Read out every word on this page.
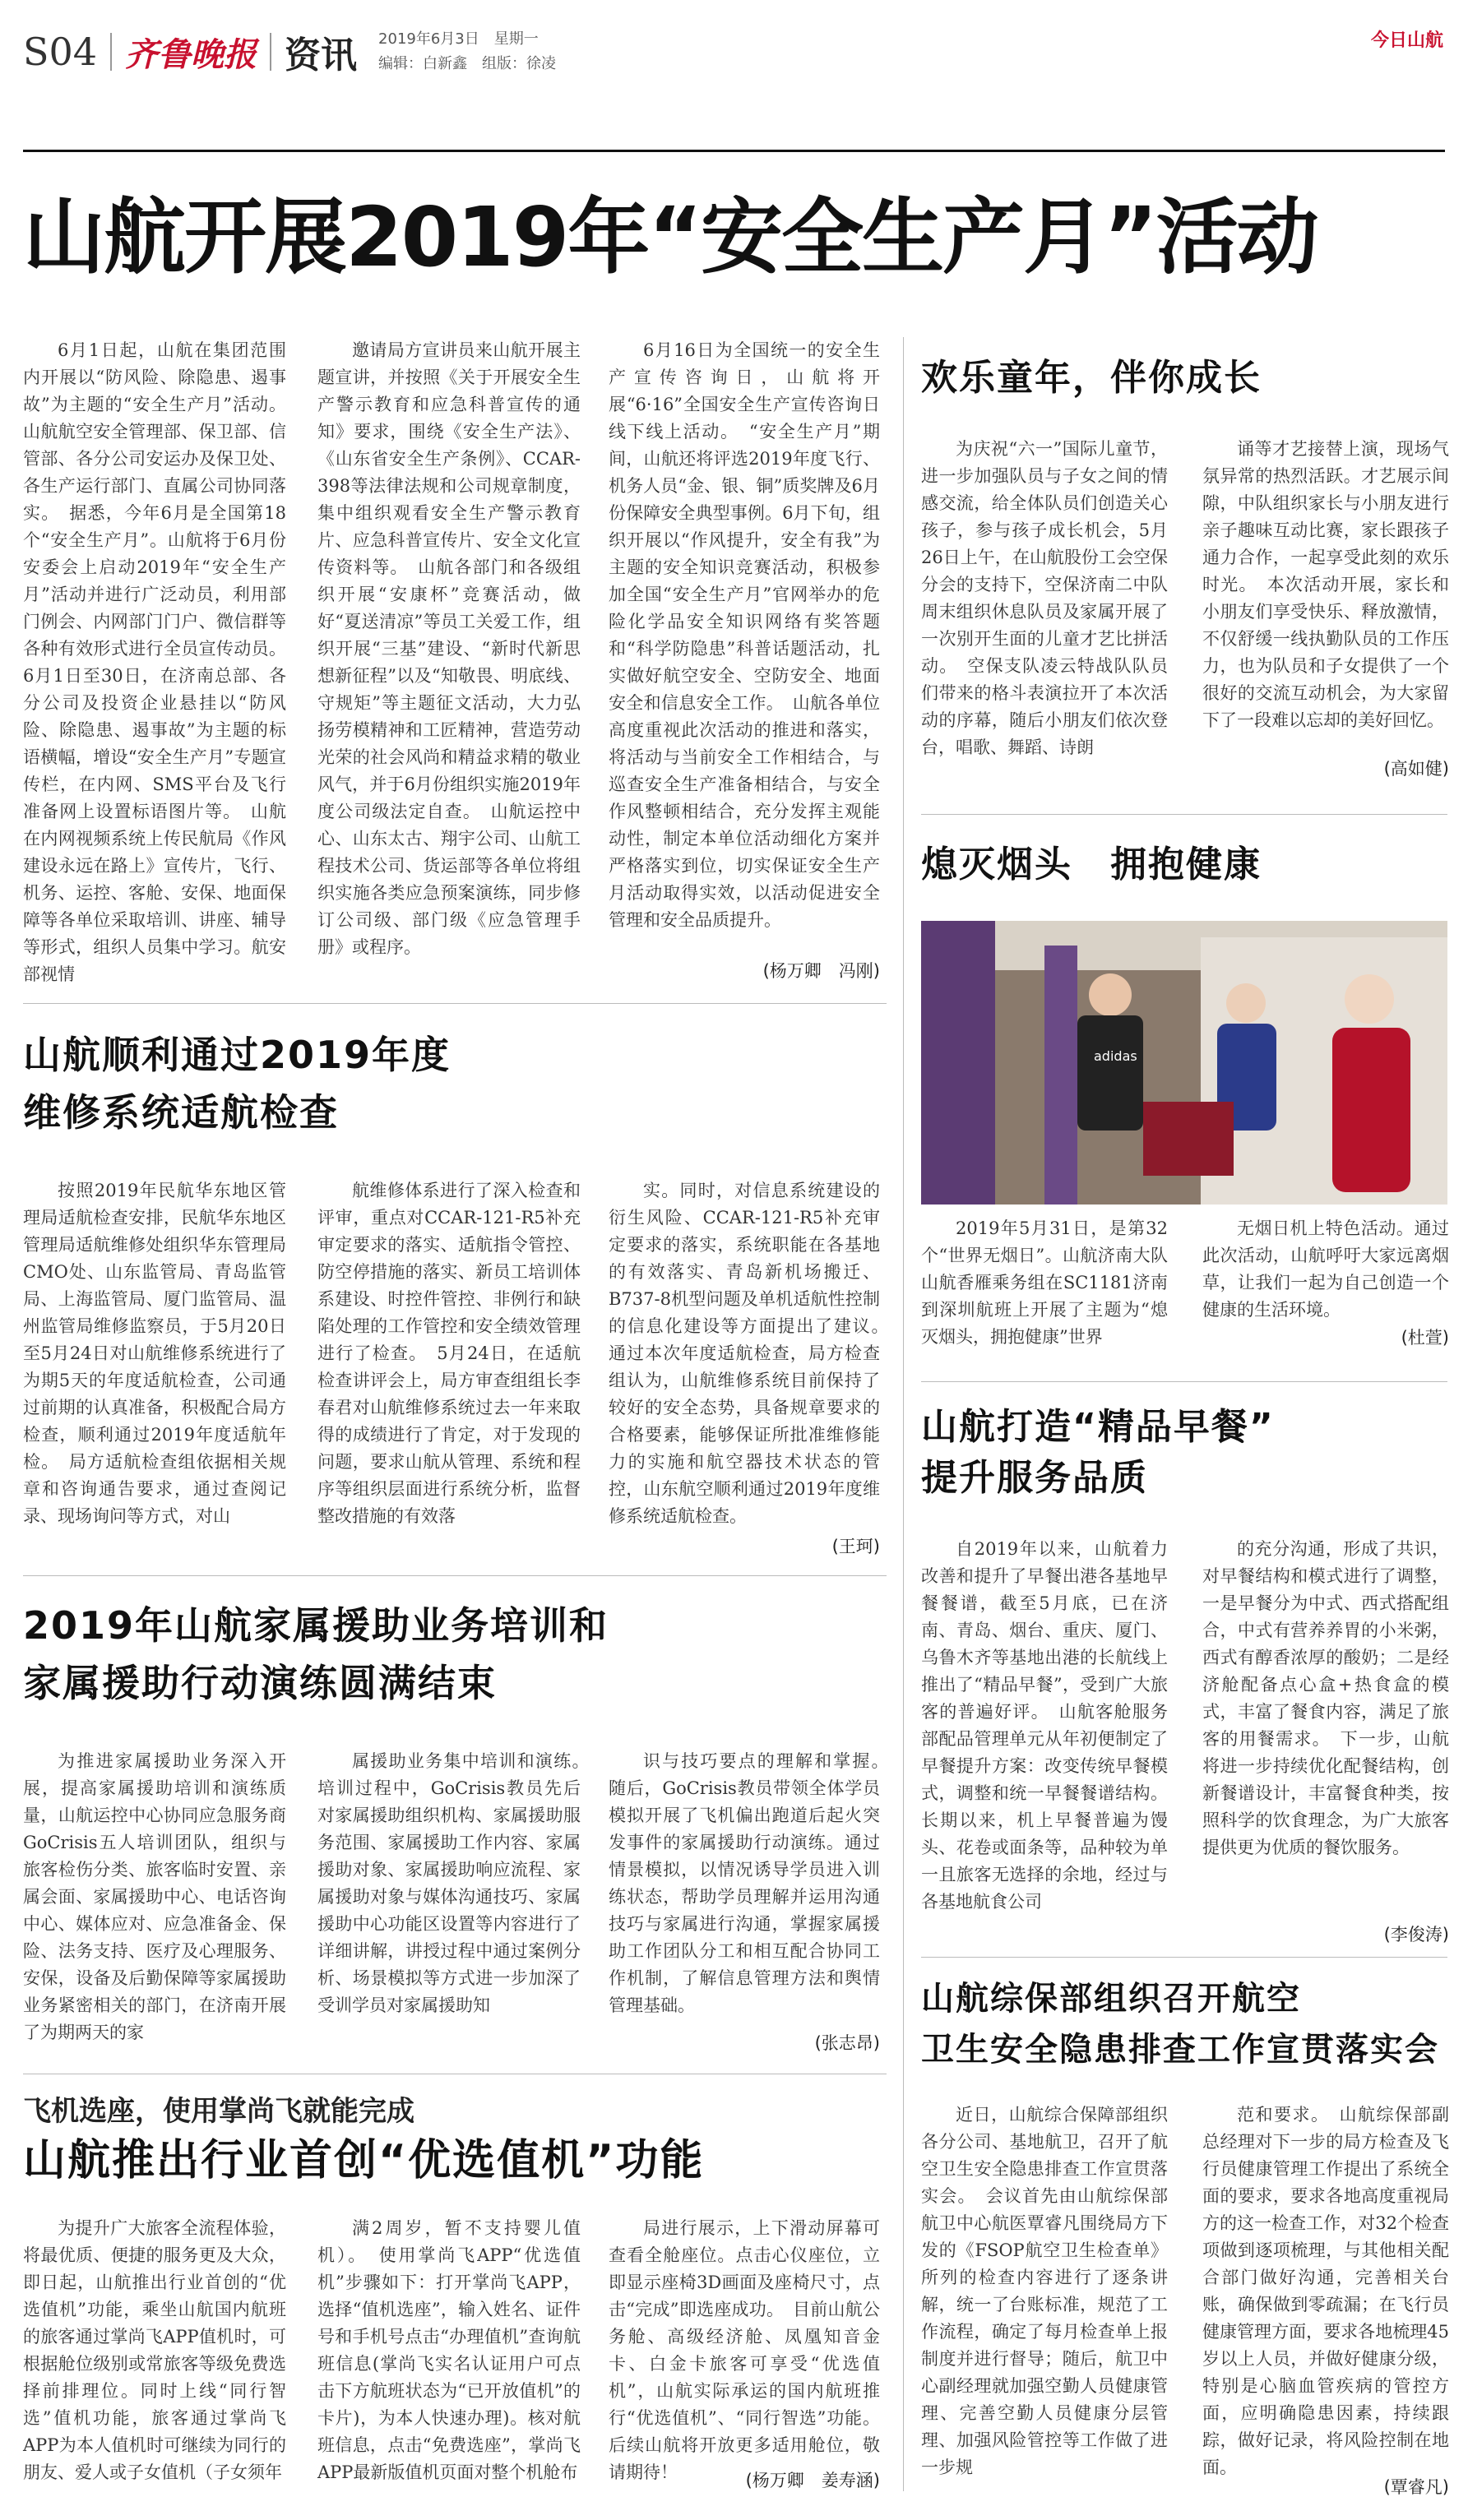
S04 齐鲁晚报 资讯 2019年6月3日　星期一
编辑：白新鑫　组版：徐凌
今日山航
山航开展2019年“安全生产月”活动

6月1日起，山航在集团范围内开展以“防风险、除隐患、遏事故”为主题的“安全生产月”活动。山航航空安全管理部、保卫部、信管部、各分公司安运办及保卫处、各生产运行部门、直属公司协同落实。　据悉，今年6月是全国第18个“安全生产月”。山航将于6月份安委会上启动2019年“安全生产月”活动并进行广泛动员，利用部门例会、内网部门门户、微信群等各种有效形式进行全员宣传动员。6月1日至30日，在济南总部、各分公司及投资企业悬挂以“防风险、除隐患、遏事故”为主题的标语横幅，增设“安全生产月”专题宣传栏，在内网、SMS平台及飞行准备网上设置标语图片等。　山航在内网视频系统上传民航局《作风建设永远在路上》宣传片，飞行、机务、运控、客舱、安保、地面保障等各单位采取培训、讲座、辅导等形式，组织人员集中学习。航安部视情

邀请局方宣讲员来山航开展主题宣讲，并按照《关于开展安全生产警示教育和应急科普宣传的通知》要求，围绕《安全生产法》、《山东省安全生产条例》、CCAR-398等法律法规和公司规章制度，集中组织观看安全生产警示教育片、应急科普宣传片、安全文化宣传资料等。　山航各部门和各级组织开展“安康杯”竞赛活动，做好“夏送清凉”等员工关爱工作，组织开展“三基”建设、“新时代新思想新征程”以及“知敬畏、明底线、守规矩”等主题征文活动，大力弘扬劳模精神和工匠精神，营造劳动光荣的社会风尚和精益求精的敬业风气，并于6月份组织实施2019年度公司级法定自查。　山航运控中心、山东太古、翔宇公司、山航工程技术公司、货运部等各单位将组织实施各类应急预案演练，同步修订公司级、部门级《应急管理手册》或程序。

6月16日为全国统一的安全生产宣传咨询日，山航将开展“6·16”全国安全生产宣传咨询日线下线上活动。　“安全生产月”期间，山航还将评选2019年度飞行、机务人员“金、银、铜”质奖牌及6月份保障安全典型事例。6月下旬，组织开展以“作风提升，安全有我”为主题的安全知识竞赛活动，积极参加全国“安全生产月”官网举办的危险化学品安全知识网络有奖答题和“科学防隐患”科普话题活动，扎实做好航空安全、空防安全、地面安全和信息安全工作。　山航各单位高度重视此次活动的推进和落实，将活动与当前安全工作相结合，与巡查安全生产准备相结合，与安全作风整顿相结合，充分发挥主观能动性，制定本单位活动细化方案并严格落实到位，切实保证安全生产月活动取得实效，以活动促进安全管理和安全品质提升。

(杨万卿　冯刚)
山航顺利通过2019年度
维修系统适航检查

按照2019年民航华东地区管理局适航检查安排，民航华东地区管理局适航维修处组织华东管理局CMO处、山东监管局、青岛监管局、上海监管局、厦门监管局、温州监管局维修监察员，于5月20日至5月24日对山航维修系统进行了为期5天的年度适航检查，公司通过前期的认真准备，积极配合局方检查，顺利通过2019年度适航年检。　局方适航检查组依据相关规章和咨询通告要求，通过查阅记录、现场询问等方式，对山

航维修体系进行了深入检查和评审，重点对CCAR-121-R5补充审定要求的落实、适航指令管控、防空停措施的落实、新员工培训体系建设、时控件管控、非例行和缺陷处理的工作管控和安全绩效管理进行了检查。　5月24日，在适航检查讲评会上，局方审查组组长李春君对山航维修系统过去一年来取得的成绩进行了肯定，对于发现的问题，要求山航从管理、系统和程序等组织层面进行系统分析，监督整改措施的有效落

实。同时，对信息系统建设的衍生风险、CCAR-121-R5补充审定要求的落实，系统职能在各基地的有效落实、青岛新机场搬迁、B737-8机型问题及单机适航性控制的信息化建设等方面提出了建议。　通过本次年度适航检查，局方检查组认为，山航维修系统目前保持了较好的安全态势，具备规章要求的合格要素，能够保证所批准维修能力的实施和航空器技术状态的管控，山东航空顺利通过2019年度维修系统适航检查。

(王珂)
2019年山航家属援助业务培训和
家属援助行动演练圆满结束

为推进家属援助业务深入开展，提高家属援助培训和演练质量，山航运控中心协同应急服务商GoCrisis五人培训团队，组织与旅客检伤分类、旅客临时安置、亲属会面、家属援助中心、电话咨询中心、媒体应对、应急准备金、保险、法务支持、医疗及心理服务、安保，设备及后勤保障等家属援助业务紧密相关的部门，在济南开展了为期两天的家

属援助业务集中培训和演练。　培训过程中，GoCrisis教员先后对家属援助组织机构、家属援助服务范围、家属援助工作内容、家属援助对象、家属援助响应流程、家属援助对象与媒体沟通技巧、家属援助中心功能区设置等内容进行了详细讲解，讲授过程中通过案例分析、场景模拟等方式进一步加深了受训学员对家属援助知

识与技巧要点的理解和掌握。　随后，GoCrisis教员带领全体学员模拟开展了飞机偏出跑道后起火突发事件的家属援助行动演练。通过情景模拟，以情况诱导学员进入训练状态，帮助学员理解并运用沟通技巧与家属进行沟通，掌握家属援助工作团队分工和相互配合协同工作机制，了解信息管理方法和舆情管理基础。

(张志昂)
飞机选座，使用掌尚飞就能完成
山航推出行业首创“优选值机”功能

为提升广大旅客全流程体验，将最优质、便捷的服务更及大众，即日起，山航推出行业首创的“优选值机”功能，乘坐山航国内航班的旅客通过掌尚飞APP值机时，可根据舱位级别或常旅客等级免费选择前排理位。同时上线“同行智选”值机功能，旅客通过掌尚飞APP为本人值机时可继续为同行的朋友、爱人或子女值机（子女须年

满2周岁，暂不支持婴儿值机）。　使用掌尚飞APP“优选值机”步骤如下：打开掌尚飞APP，选择“值机选座”，输入姓名、证件号和手机号点击“办理值机”查询航班信息(掌尚飞实名认证用户可点击下方航班状态为“已开放值机”的卡片)，为本人快速办理)。核对航班信息，点击“免费选座”，掌尚飞APP最新版值机页面对整个机舱布

局进行展示，上下滑动屏幕可查看全舱座位。点击心仪座位，立即显示座椅3D画面及座椅尺寸，点击“完成”即选座成功。　目前山航公务舱、高级经济舱、凤凰知音金卡、白金卡旅客可享受“优选值机”，山航实际承运的国内航班推行“优选值机”、“同行智选”功能。后续山航将开放更多适用舱位，敬请期待！	(杨万卿　姜寿涵)
欢乐童年，伴你成长

为庆祝“六一”国际儿童节，进一步加强队员与子女之间的情感交流，给全体队员们创造关心孩子，参与孩子成长机会，5月26日上午，在山航股份工会空保分会的支持下，空保济南二中队周末组织休息队员及家属开展了一次别开生面的儿童才艺比拼活动。　空保支队凌云特战队队员们带来的格斗表演拉开了本次活动的序幕，随后小朋友们依次登台，唱歌、舞蹈、诗朗

诵等才艺接替上演，现场气氛异常的热烈活跃。才艺展示间隙，中队组织家长与小朋友进行亲子趣味互动比赛，家长跟孩子通力合作，一起享受此刻的欢乐时光。　本次活动开展，家长和小朋友们享受快乐、释放激情，不仅舒缓一线执勤队员的工作压力，也为队员和子女提供了一个很好的交流互动机会，为大家留下了一段难以忘却的美好回忆。

(高如健)
熄灭烟头　拥抱健康
adidas

2019年5月31日，是第32个“世界无烟日”。山航济南大队山航香雁乘务组在SC1181济南到深圳航班上开展了主题为“熄灭烟头，拥抱健康”世界

无烟日机上特色活动。通过此次活动，山航呼吁大家远离烟草，让我们一起为自己创造一个健康的生活环境。

(杜萱)
山航打造“精品早餐”
提升服务品质

自2019年以来，山航着力改善和提升了早餐出港各基地早餐餐谱，截至5月底，已在济南、青岛、烟台、重庆、厦门、乌鲁木齐等基地出港的长航线上推出了“精品早餐”，受到广大旅客的普遍好评。　山航客舱服务部配品管理单元从年初便制定了早餐提升方案：改变传统早餐模式，调整和统一早餐餐谱结构。长期以来，机上早餐普遍为馒头、花卷或面条等，品种较为单一且旅客无选择的余地，经过与各基地航食公司

的充分沟通，形成了共识，对早餐结构和模式进行了调整，一是早餐分为中式、西式搭配组合，中式有营养养胃的小米粥，西式有醇香浓厚的酸奶；二是经济舱配备点心盒+热食盒的模式，丰富了餐食内容，满足了旅客的用餐需求。　下一步，山航将进一步持续优化配餐结构，创新餐谱设计，丰富餐食种类，按照科学的饮食理念，为广大旅客提供更为优质的餐饮服务。

(李俊涛)
山航综保部组织召开航空
卫生安全隐患排查工作宣贯落实会

近日，山航综合保障部组织各分公司、基地航卫，召开了航空卫生安全隐患排查工作宣贯落实会。　会议首先由山航综保部航卫中心航医覃睿凡围绕局方下发的《FSOP航空卫生检查单》所列的检查内容进行了逐条讲解，统一了台账标准，规范了工作流程，确定了每月检查单上报制度并进行督导；随后，航卫中心副经理就加强空勤人员健康管理、完善空勤人员健康分层管理、加强风险管控等工作做了进一步规

范和要求。　山航综保部副总经理对下一步的局方检查及飞行员健康管理工作提出了系统全面的要求，要求各地高度重视局方的这一检查工作，对32个检查项做到逐项梳理，与其他相关配合部门做好沟通，完善相关台账，确保做到零疏漏；在飞行员健康管理方面，要求各地梳理45岁以上人员，并做好健康分级，特别是心脑血管疾病的管控方面，应明确隐患因素，持续跟踪，做好记录，将风险控制在地面。

(覃睿凡)
